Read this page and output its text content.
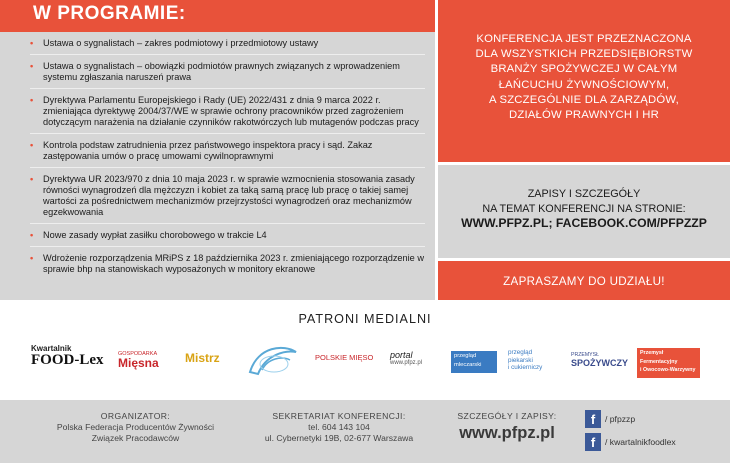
W PROGRAMIE:
• Ustawa o sygnalistach – zakres podmiotowy i przedmiotowy ustawy
• Ustawa o sygnalistach – obowiązki podmiotów prawnych związanych z wprowadzeniem systemu zgłaszania naruszeń prawa
• Dyrektywa Parlamentu Europejskiego i Rady (UE) 2022/431 z dnia 9 marca 2022 r. zmieniająca dyrektywę 2004/37/WE w sprawie ochrony pracowników przed zagrożeniem dotyczącym narażenia na działanie czynników rakotwórczych lub mutagenów podczas pracy
• Kontrola podstaw zatrudnienia przez państwowego inspektora pracy i sąd. Zakaz zastępowania umów o pracę umowami cywilnoprawnymi
• Dyrektywa UR 2023/970 z dnia 10 maja 2023 r. w sprawie wzmocnienia stosowania zasady równości wynagrodzeń dla mężczyzn i kobiet za taką samą pracę lub pracę o takiej samej wartości za pośrednictwem mechanizmów przejrzystości wynagrodzeń oraz mechanizmów egzekwowania
• Nowe zasady wypłat zasiłku chorobowego w trakcie L4
• Wdrożenie rozporządzenia MRiPS z 18 października 2023 r. zmieniającego rozporządzenie w sprawie bhp na stanowiskach wyposażonych w monitory ekranowe
KONFERENCJA JEST PRZEZNACZONA
DLA WSZYSTKICH PRZEDSIĘBIORSTW
BRANŻY SPOŻYWCZEJ W CAŁYM
ŁAŃCUCHU ŻYWNOŚCIOWYM,
A SZCZEGÓLNIE DLA ZARZĄDÓW,
DZIAŁÓW PRAWNYCH I HR
ZAPISY I SZCZEGÓŁY
NA TEMAT KONFERENCJI NA STRONIE:
WWW.PFPZ.PL; FACEBOOK.COM/PFPZZP
ZAPRASZAMY DO UDZIAŁU!
PATRONI MEDIALNI
Kwartalnik
FOOD-Lex	GOSPODARKA
Mięsna	Mistrz	POLSKIE MIĘSO portal
www.pfpz.pl
przegląd
mleczarski
przegląd
piekarski
i cukierniczy
PRZEMYSŁ
SPOŻYWCZY
Przemysł
Fermentacyjny
i Owocowo-Warzywny
ORGANIZATOR:
Polska Federacja Producentów Żywności
Związek Pracodawców
SEKRETARIAT KONFERENCJI:
tel. 604 143 104
ul. Cybernetyki 19B, 02-677 Warszawa
SZCZEGÓŁY I ZAPISY:
www.pfpz.pl
f	/ pfpzzp
f	/ kwartalnikfoodlex
